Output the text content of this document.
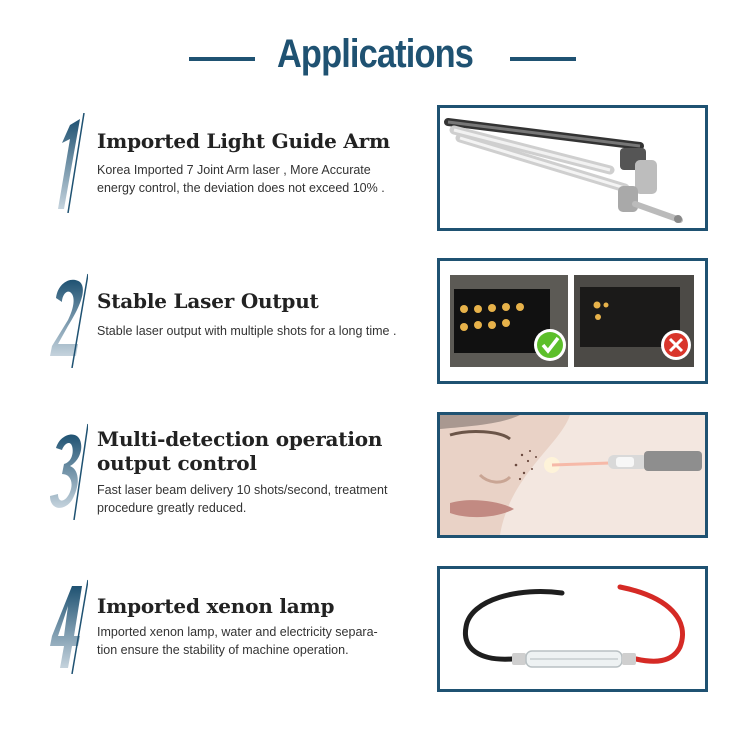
Applications
Imported Light Guide Arm
Korea Imported 7 Joint Arm laser , More Accurate
energy control, the deviation does not exceed 10% .
Stable Laser Output
Stable laser output with multiple shots for a long time .
Multi-detection operation
output control
Fast laser beam delivery 10 shots/second, treatment
procedure greatly reduced.
Imported xenon lamp
Imported xenon lamp, water and electricity separa-
tion ensure the stability of machine operation.
